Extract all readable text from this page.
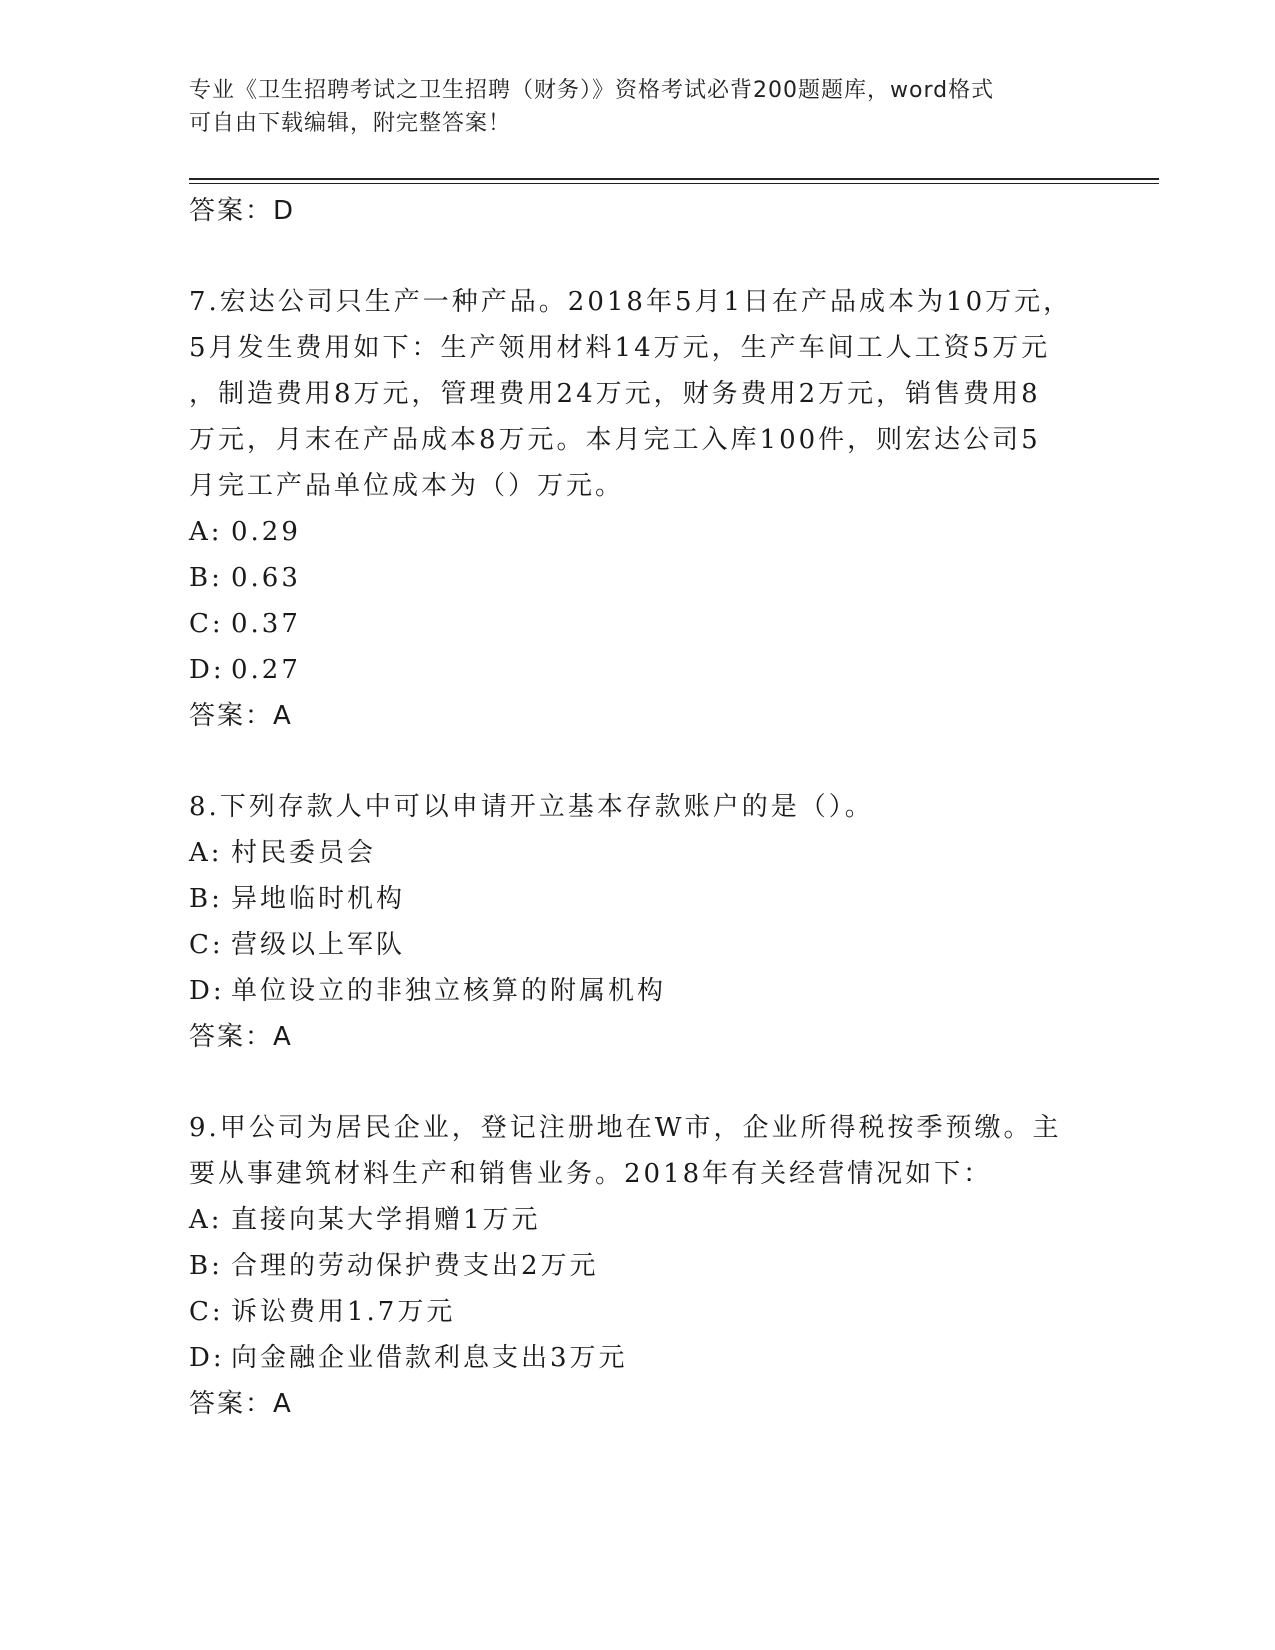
专业《卫生招聘考试之卫生招聘（财务）》资格考试必背200题题库，word格式
可自由下载编辑，附完整答案！

答案：D

7.宏达公司只生产一种产品。2018年5月1日在产品成本为10万元，

5月发生费用如下：生产领用材料14万元，生产车间工人工资5万元

，制造费用8万元，管理费用24万元，财务费用2万元，销售费用8

万元，月末在产品成本8万元。本月完工入库100件，则宏达公司5

月完工产品单位成本为（）万元。

A: 0.29

B: 0.63

C: 0.37

D: 0.27

答案：A

8.下列存款人中可以申请开立基本存款账户的是（）。

A: 村民委员会

B: 异地临时机构

C: 营级以上军队

D: 单位设立的非独立核算的附属机构

答案：A

9.甲公司为居民企业，登记注册地在W市，企业所得税按季预缴。主

要从事建筑材料生产和销售业务。2018年有关经营情况如下：

A: 直接向某大学捐赠1万元

B: 合理的劳动保护费支出2万元

C: 诉讼费用1.7万元

D: 向金融企业借款利息支出3万元

答案：A
